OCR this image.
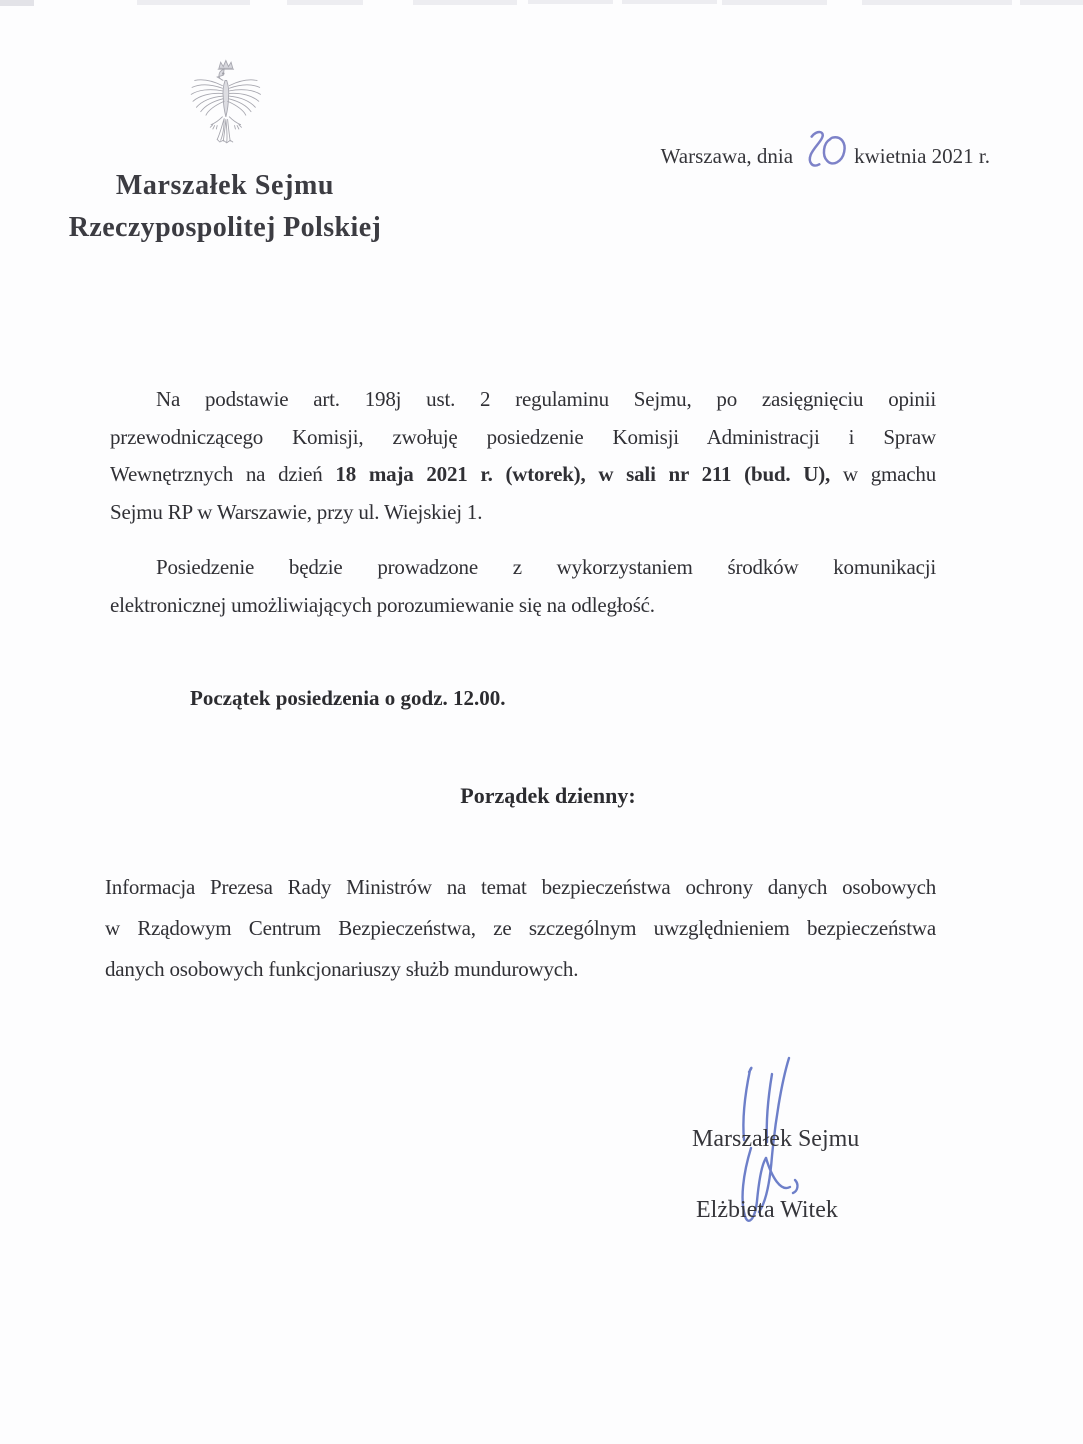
Marszałek Sejmu
Rzeczypospolitej Polskiej
Warszawa, dnia	kwietnia 2021 r.
Na podstawie art. 198j ust. 2 regulaminu Sejmu, po zasięgnięciu opinii
przewodniczącego Komisji, zwołuję posiedzenie Komisji Administracji i Spraw
Wewnętrznych na dzień 18 maja 2021 r. (wtorek), w sali nr 211 (bud. U), w gmachu
Sejmu RP w Warszawie, przy ul. Wiejskiej 1.
Posiedzenie będzie prowadzone z wykorzystaniem środków komunikacji
elektronicznej umożliwiających porozumiewanie się na odległość.
Początek posiedzenia o godz. 12.00.
Porządek dzienny:
Informacja Prezesa Rady Ministrów na temat bezpieczeństwa ochrony danych osobowych
w Rządowym Centrum Bezpieczeństwa, ze szczególnym uwzględnieniem bezpieczeństwa
danych osobowych funkcjonariuszy służb mundurowych.
Marszałek Sejmu
Elżbieta Witek
